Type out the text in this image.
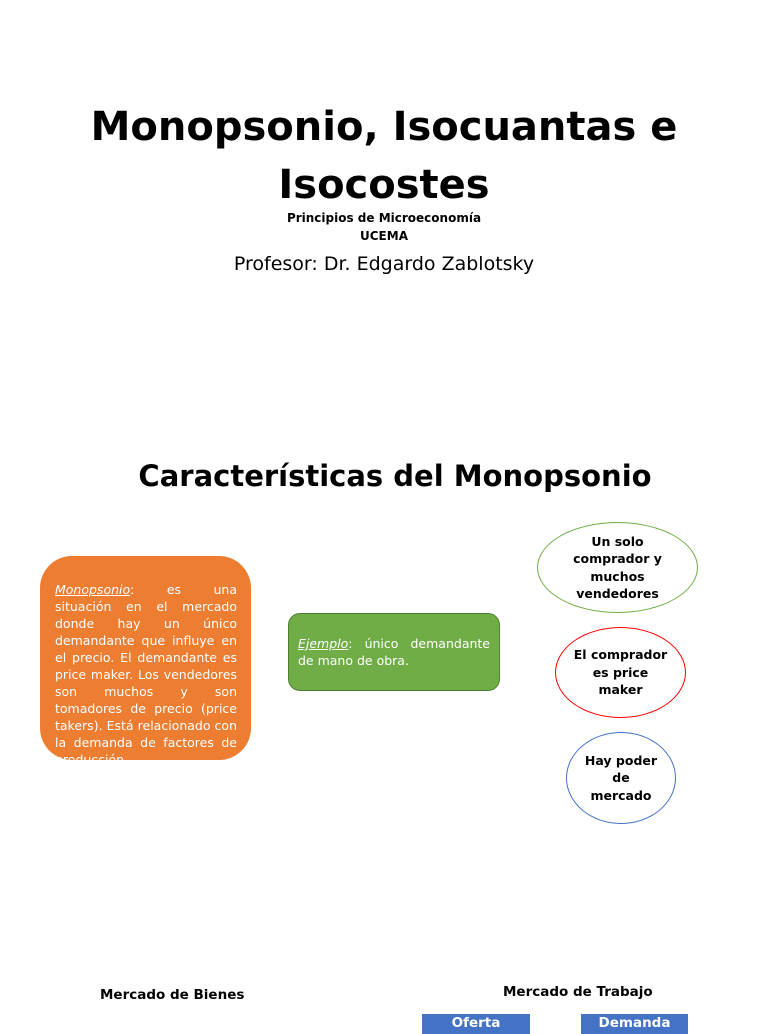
Monopsonio, Isocuantas e
Isocostes
Principios de Microeconomía
UCEMA
Profesor: Dr. Edgardo Zablotsky
Características del Monopsonio
Monopsonio: es una situación en el mercado donde hay un único demandante que influye en el precio. El demandante es price maker. Los vendedores son muchos y son tomadores de precio (price takers). Está relacionado con la demanda de factores de producción.
Ejemplo: único demandante de mano de obra.
Un solo comprador y muchos vendedores
El comprador
es price
maker
Hay poder
de
mercado
Mercado de Bienes	Mercado de Trabajo
Oferta	Demanda
